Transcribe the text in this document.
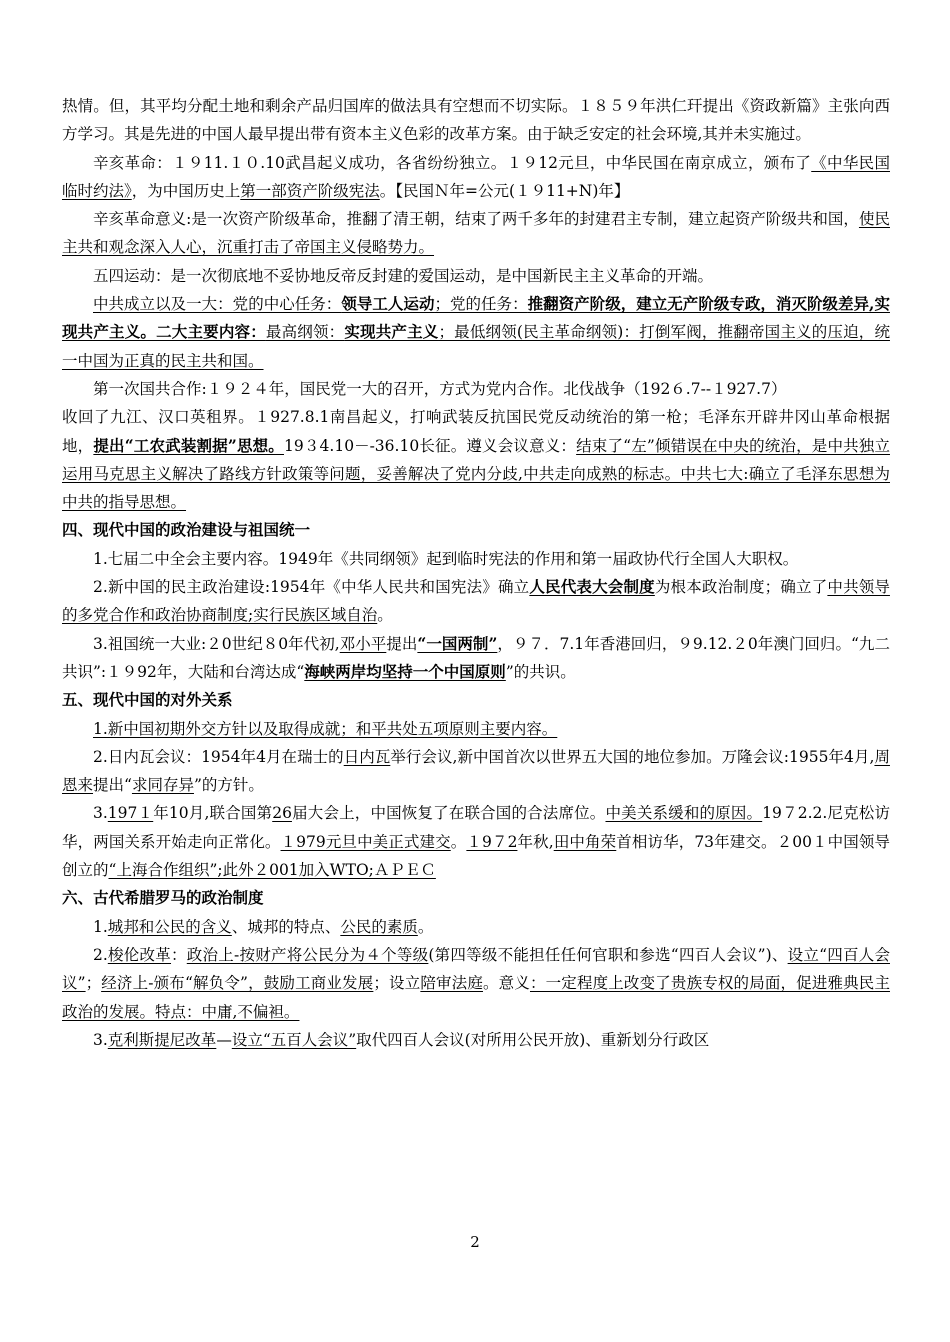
热情。但，其平均分配土地和剩余产品归国库的做法具有空想而不切实际。１８５９年洪仁玕提出《资政新篇》主张向西方学习。其是先进的中国人最早提出带有资本主义色彩的改革方案。由于缺乏安定的社会环境,其并未实施过。

辛亥革命：１９11.１０.10武昌起义成功，各省纷纷独立。１９12元旦，中华民国在南京成立，颁布了《中华民国临时约法》，为中国历史上第一部资产阶级宪法。【民国Ｎ年=公元(１９11+N)年】

辛亥革命意义:是一次资产阶级革命，推翻了清王朝，结束了两千多年的封建君主专制，建立起资产阶级共和国，使民主共和观念深入人心，沉重打击了帝国主义侵略势力。

五四运动：是一次彻底地不妥协地反帝反封建的爱国运动，是中国新民主主义革命的开端。

中共成立以及一大：党的中心任务：领导工人运动；党的任务：推翻资产阶级，建立无产阶级专政，消灭阶级差异,实现共产主义。二大主要内容：最高纲领：实现共产主义；最低纲领(民主革命纲领)：打倒军阀，推翻帝国主义的压迫，统一中国为正真的民主共和国。

第一次国共合作:１９２４年，国民党一大的召开，方式为党内合作。北伐战争（192６.7--１927.7）

收回了九江、汉口英租界。１927.8.1南昌起义，打响武装反抗国民党反动统治的第一枪；毛泽东开辟井冈山革命根据地，提出“工农武装割据”思想。19３4.10－-36.10长征。遵义会议意义：结束了“左”倾错误在中央的统治，是中共独立运用马克思主义解决了路线方针政策等问题，妥善解决了党内分歧,中共走向成熟的标志。中共七大:确立了毛泽东思想为中共的指导思想。

四、现代中国的政治建设与祖国统一

1.七届二中全会主要内容。1949年《共同纲领》起到临时宪法的作用和第一届政协代行全国人大职权。

2.新中国的民主政治建设:1954年《中华人民共和国宪法》确立人民代表大会制度为根本政治制度；确立了中共领导的多党合作和政治协商制度;实行民族区域自治。

3.祖国统一大业:２0世纪８0年代初,邓小平提出“一国两制”，９７．7.1年香港回归，９9.12.２0年澳门回归。“九二共识”:１９92年，大陆和台湾达成“海峡两岸均坚持一个中国原则”的共识。

五、现代中国的对外关系

1.新中国初期外交方针以及取得成就；和平共处五项原则主要内容。

2.日内瓦会议：1954年4月在瑞士的日内瓦举行会议,新中国首次以世界五大国的地位参加。万隆会议:1955年4月,周恩来提出“求同存异”的方针。

3.197１年10月,联合国第26届大会上，中国恢复了在联合国的合法席位。中美关系缓和的原因。19７2.2.尼克松访华，两国关系开始走向正常化。１979元旦中美正式建交。１9７2年秋,田中角荣首相访华，73年建交。２00１中国领导创立的“上海合作组织”;此外２001加入WTO;ＡＰＥＣ

六、古代希腊罗马的政治制度

1.城邦和公民的含义、城邦的特点、公民的素质。

2.梭伦改革：政治上-按财产将公民分为４个等级(第四等级不能担任任何官职和参选“四百人会议”)、设立“四百人会议”；经济上-颁布“解负令”，鼓励工商业发展；设立陪审法庭。意义：一定程度上改变了贵族专权的局面，促进雅典民主政治的发展。特点：中庸,不偏袒。

3.克利斯提尼改革—设立“五百人会议”取代四百人会议(对所用公民开放)、重新划分行政区

2
